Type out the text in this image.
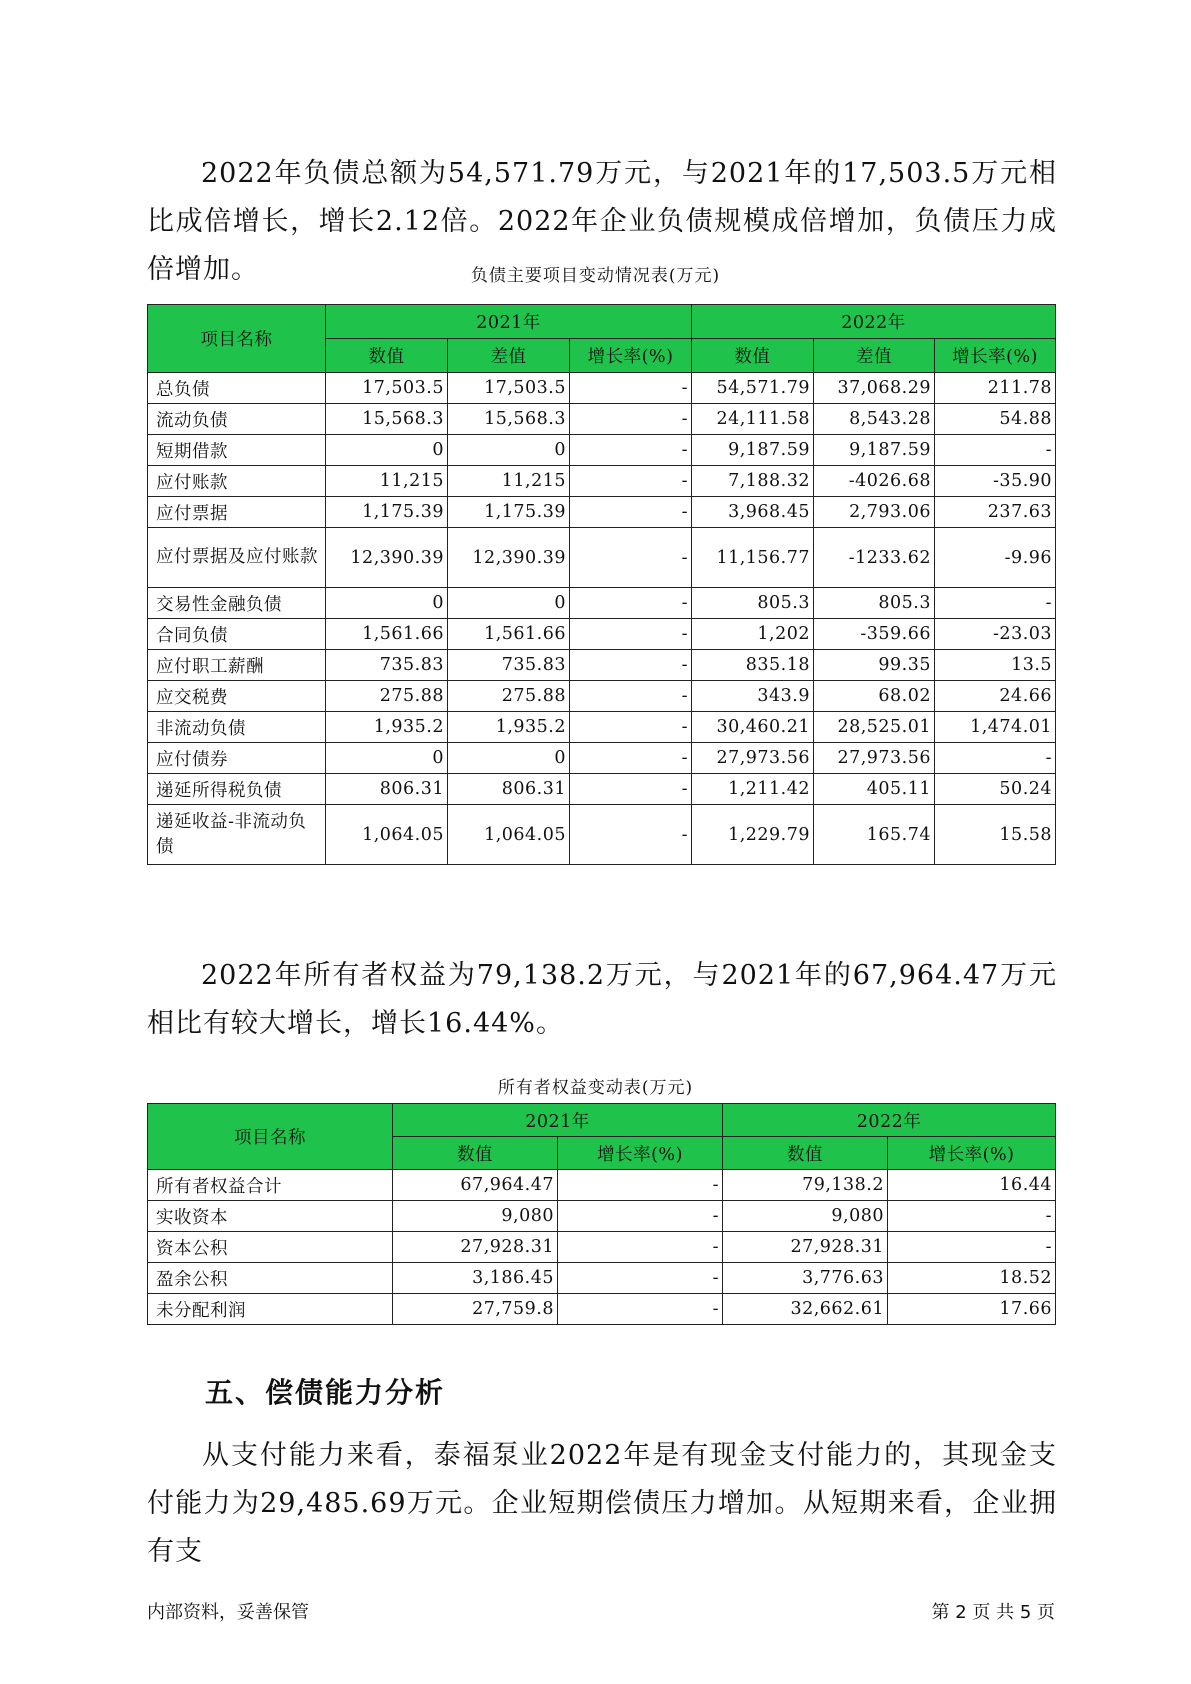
2022年负债总额为54,571.79万元，与2021年的17,503.5万元相比成倍增长，增长2.12倍。2022年企业负债规模成倍增加，负债压力成倍增加。	负债主要项目变动情况表(万元)
项目名称	2021年			2022年		
	数值	差值	增长率(%)	数值	差值	增长率(%)
总负债	17,503.5	17,503.5	-	54,571.79	37,068.29	211.78
流动负债	15,568.3	15,568.3	-	24,111.58	8,543.28	54.88
短期借款	0	0	-	9,187.59	9,187.59	-
应付账款	11,215	11,215	-	7,188.32	-4026.68	-35.90
应付票据	1,175.39	1,175.39	-	3,968.45	2,793.06	237.63
应付票据及应付账款	12,390.39	12,390.39	-	11,156.77	-1233.62	-9.96
交易性金融负债	0	0	-	805.3	805.3	-
合同负债	1,561.66	1,561.66	-	1,202	-359.66	-23.03
应付职工薪酬	735.83	735.83	-	835.18	99.35	13.5
应交税费	275.88	275.88	-	343.9	68.02	24.66
非流动负债	1,935.2	1,935.2	-	30,460.21	28,525.01	1,474.01
应付债券	0	0	-	27,973.56	27,973.56	-
递延所得税负债	806.31	806.31	-	1,211.42	405.11	50.24
递延收益-非流动负债	1,064.05	1,064.05	-	1,229.79	165.74	15.58

2022年所有者权益为79,138.2万元，与2021年的67,964.47万元相比有较大增长，增长16.44%。

所有者权益变动表(万元)
项目名称	2021年		2022年	
	数值	增长率(%)	数值	增长率(%)
所有者权益合计	67,964.47	-	79,138.2	16.44
实收资本	9,080	-	9,080	-
资本公积	27,928.31	-	27,928.31	-
盈余公积	3,186.45	-	3,776.63	18.52
未分配利润	27,759.8	-	32,662.61	17.66
五、偿债能力分析

从支付能力来看，泰福泵业2022年是有现金支付能力的，其现金支付能力为29,485.69万元。企业短期偿债压力增加。从短期来看，企业拥有支

内部资料，妥善保管	第 2 页 共 5 页
